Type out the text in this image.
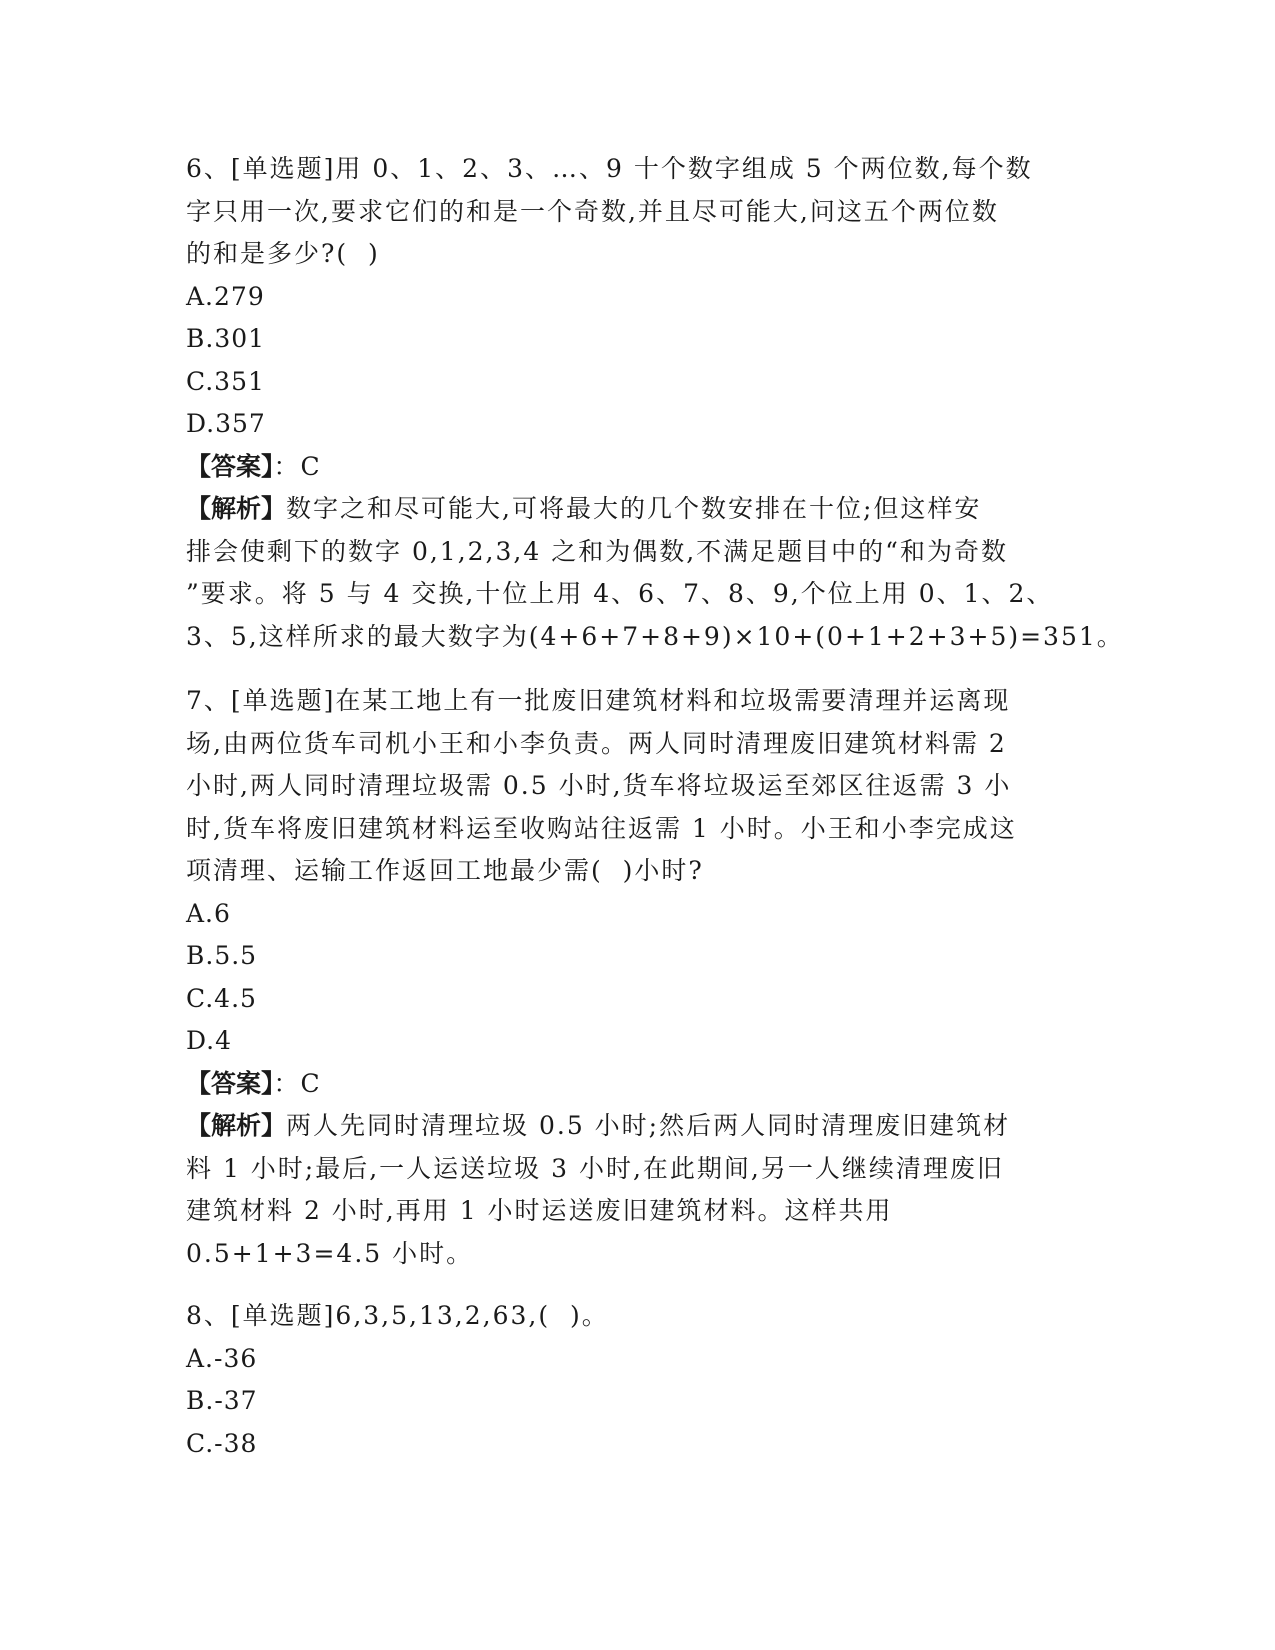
6、[单选题]用 0、1、2、3、…、9 十个数字组成 5 个两位数,每个数
字只用一次,要求它们的和是一个奇数,并且尽可能大,问这五个两位数
的和是多少?(  )
A.279
B.301
C.351
D.357
【答案】：C
【解析】数字之和尽可能大,可将最大的几个数安排在十位;但这样安
排会使剩下的数字 0,1,2,3,4 之和为偶数,不满足题目中的“和为奇数
”要求。将 5 与 4 交换,十位上用 4、6、7、8、9,个位上用 0、1、2、
3、5,这样所求的最大数字为(4+6+7+8+9)×10+(0+1+2+3+5)=351。
7、[单选题]在某工地上有一批废旧建筑材料和垃圾需要清理并运离现
场,由两位货车司机小王和小李负责。两人同时清理废旧建筑材料需 2
小时,两人同时清理垃圾需 0.5 小时,货车将垃圾运至郊区往返需 3 小
时,货车将废旧建筑材料运至收购站往返需 1 小时。小王和小李完成这
项清理、运输工作返回工地最少需(  )小时?
A.6
B.5.5
C.4.5
D.4
【答案】：C
【解析】两人先同时清理垃圾 0.5 小时;然后两人同时清理废旧建筑材
料 1 小时;最后,一人运送垃圾 3 小时,在此期间,另一人继续清理废旧
建筑材料 2 小时,再用 1 小时运送废旧建筑材料。这样共用
0.5+1+3=4.5 小时。
8、[单选题]6,3,5,13,2,63,(  )。
A.-36
B.-37
C.-38
